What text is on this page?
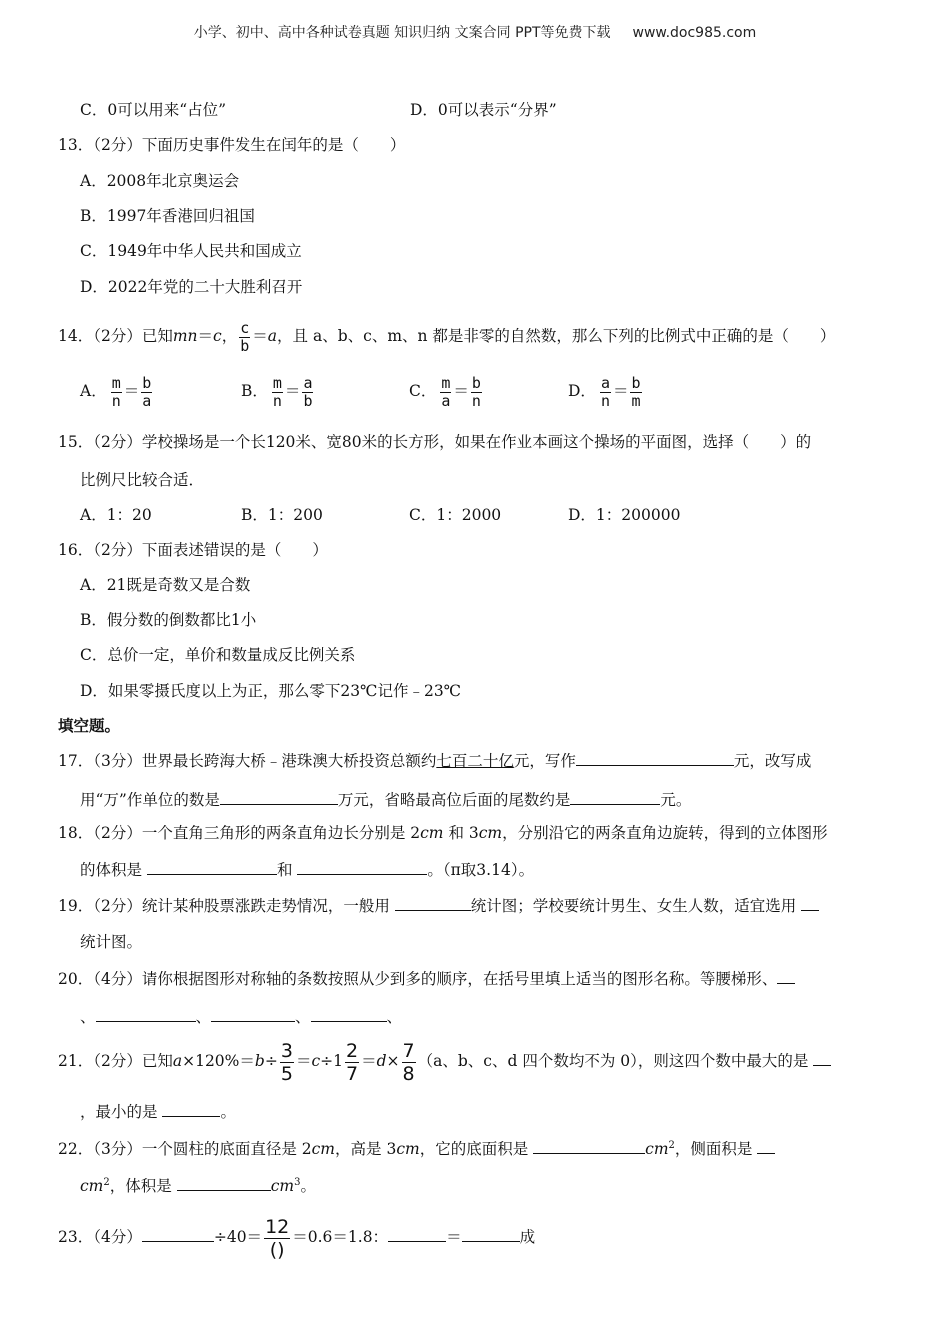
小学、初中、高中各种试卷真题 知识归纳 文案合同 PPT等免费下载 www.doc985.com
C．0可以用来“占位”	D．0可以表示“分界”
13．（2分）下面历史事件发生在闰年的是（　　）
A．2008年北京奥运会
B．1997年香港回归祖国
C．1949年中华人民共和国成立
D．2022年党的二十大胜利召开
14．（2分）已知mn＝c， $\frac{c}{b} =a$，且 a、b、c、m、n 都是非零的自然数，那么下列的比例式中正确的是（　　）
A． $\frac{m}{n} = \frac{b}{a}$	B． $\frac{m}{n} = \frac{a}{b}$	C． $\frac{m}{a} = \frac{b}{n}$	D． $\frac{a}{n} = \frac{b}{m}$
15．（2分）学校操场是一个长120米、宽80米的长方形，如果在作业本画这个操场的平面图，选择（　　）的
比例尺比较合适．
A．1：20	B．1：200	C．1：2000	D．1：200000
16．（2分）下面表述错误的是（　　）
A．21既是奇数又是合数
B．假分数的倒数都比1小
C．总价一定，单价和数量成反比例关系
D．如果零摄氏度以上为正，那么零下23℃记作﹣23℃
填空题。
17．（3分）世界最长跨海大桥﹣港珠澳大桥投资总额约七百二十亿元，写作	元，改写成
用“万”作单位的数是	万元，省略最高位后面的尾数约是	元。
18．（2分）一个直角三角形的两条直角边长分别是 2cm 和 3cm，分别沿它的两条直角边旋转，得到的立体图形
的体积是	和	。（π取3.14）。
19．（2分）统计某种股票涨跌走势情况，一般用	统计图；学校要统计男生、女生人数，适宜选用
统计图。
20．（4分）请你根据图形对称轴的条数按照从少到多的顺序，在括号里填上适当的图形名称。等腰梯形、
、	、	、	、
21．（2分）已知$a\times 120\%=b\div \frac{3}{5} =c\div 1 \frac{2}{7} =d\times \frac{7}{8} (a$、b、c、d 四个数均不为 0），则这四个数中最大的是
，最小的是	。
22．（3分）一个圆柱的底面直径是 2cm，高是 3cm，它的底面积是	$cm^2$，侧面积是
$cm^2$，体积是	$cm^3$。
23．（4分）	$\div 40= \frac{12}{()} =0.6=1.8$：	＝	成
